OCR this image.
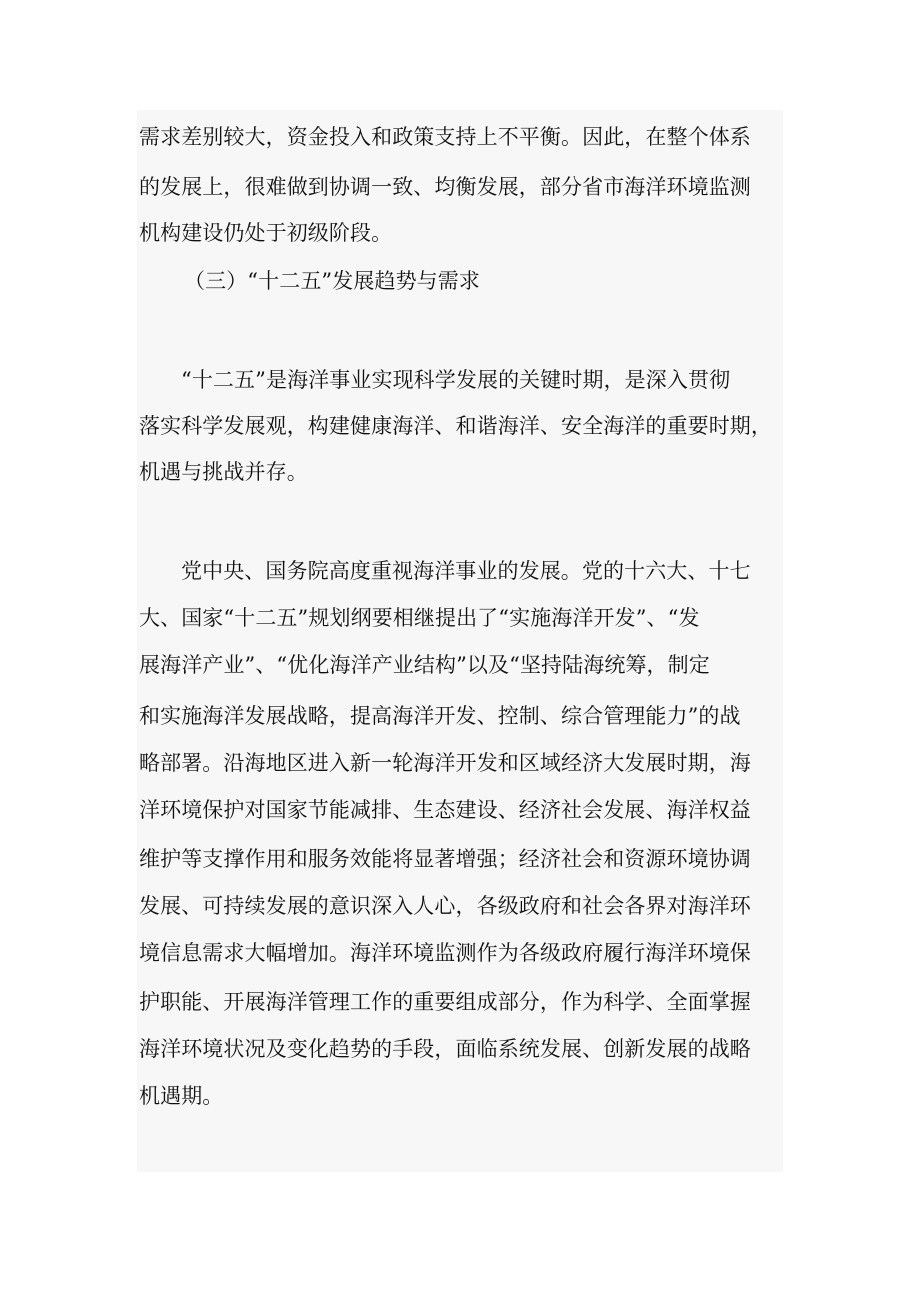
需求差别较大，资金投入和政策支持上不平衡。因此，在整个体系
的发展上，很难做到协调一致、均衡发展，部分省市海洋环境监测
机构建设仍处于初级阶段。
（三）“十二五”发展趋势与需求
“十二五”是海洋事业实现科学发展的关键时期，是深入贯彻
落实科学发展观，构建健康海洋、和谐海洋、安全海洋的重要时期，
机遇与挑战并存。
党中央、国务院高度重视海洋事业的发展。党的十六大、十七
大、国家“十二五”规划纲要相继提出了“实施海洋开发”、“发
展海洋产业”、“优化海洋产业结构”以及“坚持陆海统筹，制定
和实施海洋发展战略，提高海洋开发、控制、综合管理能力”的战
略部署。沿海地区进入新一轮海洋开发和区域经济大发展时期，海
洋环境保护对国家节能减排、生态建设、经济社会发展、海洋权益
维护等支撑作用和服务效能将显著增强；经济社会和资源环境协调
发展、可持续发展的意识深入人心，各级政府和社会各界对海洋环
境信息需求大幅增加。海洋环境监测作为各级政府履行海洋环境保
护职能、开展海洋管理工作的重要组成部分，作为科学、全面掌握
海洋环境状况及变化趋势的手段，面临系统发展、创新发展的战略
机遇期。
